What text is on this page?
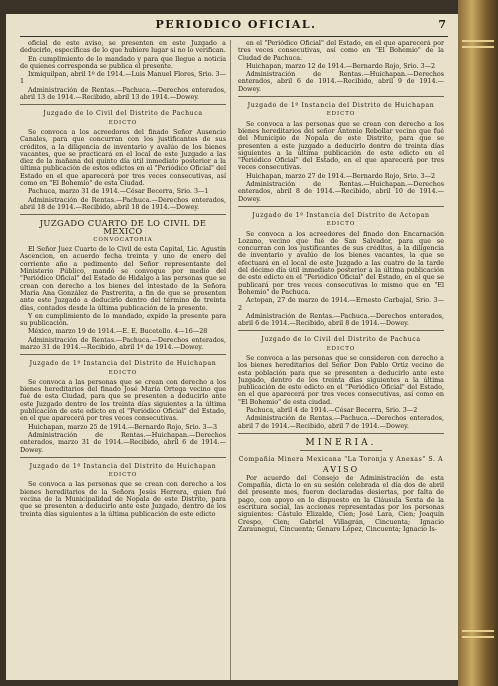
PERIODICO OFICIAL.	7

oficial de este aviso, se presenten en este Juzgado a deducirlo, específicas de lo que hubiere lugar si no lo verifican.

En cumplimiento de lo mandado y para que llegue a noticia de quienes corresponda se publica el presente.

Ixmiquilpan, abril 1º de 1914.—Luis Manuel Flores, Srio. 3—1

Administración de Rentas.—Pachuca.—Derechos enterados, abril 13 de 1914.—Recibido, abril 13 de 1914.—Dowey.

Juzgado de lo Civil del Distrito de Pachuca
EDICTO

Se convoca a los acreedores del finado Señor Ausencio Canales, para que concurran con los justificantes de sus créditos, a la diligencia de inventario y avalúo de los bienes vacantes, que se practicará en el local de este Juzgado a las diez de la mañana del quinto día útil inmediato posterior a la última publicación de estos edictos en el "Periódico Oficial" del Estado en el que aparecerá por tres veces consecutivas, así como en "El Bohemio" de esta Ciudad.

Pachuca, marzo 31 de 1914.—César Becerra, Srio. 3—1

Administración de Rentas.—Pachuca.—Derechos enterados, abril 18 de 1914.—Recibido, abril 18 de 1914.—Dowey.

JUZGADO CUARTO DE LO CIVIL DE MEXICO
CONVOCATORIA

El Señor Juez Cuarto de lo Civil de esta Capital, Lic. Agustín Ascencion, en acuerdo fecha treinta y uno de enero del corriente año a pedimento del Señor representante del Ministerio Público, mandó se convoque por medio del "Periódico Oficial" del Estado de Hidalgo a las personas que se crean con derecho a los bienes del intestado de la Señora María Ana González de Pastrerita, a fin de que se presenten ante este Juzgado a deducirlo dentro del término de treinta días, contados desde la última publicación de la presente.

Y en cumplimiento de lo mandado, expido la presente para su publicación.

México, marzo 19 de 1914.—E. E. Bucetello. 4—16—28

Administración de Rentas.—Pachuca.—Derechos enterados, marzo 31 de 1914.—Recibido, abril 1º de 1914.—Dowey.

Juzgado de 1º Instancia del Distrito de Huichapan
EDICTO

Se convoca a las personas que se crean con derecho a los bienes hereditarios del finado José María Ortega vecino que fué de esta Ciudad, para que se presenten a deducirlo ante este Juzgado dentro de los treinta días siguientes a la última publicación de este edicto en el "Periódico Oficial" del Estado, en el que aparecerá por tres veces consecutivas.

Huichapan, marzo 25 de 1914.—Bernardo Rojo, Srio. 3—3

Administración de Rentas.—Huichapan.—Derechos enterados, marzo 31 de 1914.—Recibido, abril 6 de 1914.—Dowey.

Juzgado de 1º Instancia del Distrito de Huichapan
EDICTO

Se convoca a las personas que se crean con derecho a los bienes hereditarios de la Señora Jesús Herrera, quien fué vecina de la Municipalidad de Nopala de este Distrito, para que se presenten a deducirlo ante este Juzgado, dentro de los treinta días siguientes a la última publicación de este edicto

en el "Periódico Oficial" del Estado, en el que aparecerá por tres veces consecutivas, así como en "El Bohemio" de la Ciudad de Pachuca.

Huichapan, marzo 12 de 1914.—Bernardo Rojo, Srio. 3—2

Administración de Rentas.—Huichapan.—Derechos enterados, abril 6 de 1914.—Recibido, abril 9 de 1914.—Dowey.

Juzgado de 1º Instancia del Distrito de Huichapan
EDICTO

Se convoca a las personas que se crean con derecho a los bienes hereditarios del señor Antonio Rebollar vecino que fué del Municipio de Nopala de este Distrito, para que se presenten a este juzgado a deducirlo dentro de treinta días siguientes a la última publicación de este edicto en el "Periódico Oficial" del Estado, en el que aparecerá por tres veces consecutivas.

Huichapan, marzo 27 de 1914.—Bernardo Rojo, Srio. 3—2

Administración de Rentas.—Huichapan.—Derechos enterados, abril 8 de 1914.—Recibido, abril 10 de 1914.—Dowey.

Juzgado de 1º Instancia del Distrito de Actopan
EDICTO

Se convoca a los acreedores del finado don Encarnación Lozano, vecino que fué de San Salvador, para que se concurran con los justificantes de sus créditos, a la diligencia de inventario y avalúo de los bienes vacantes, la que se efectuará en el local de este Juzgado a las cuatro de la tarde del décimo día útil inmediato posterior a la última publicación de este edicto en el "Periódico Oficial" del Estado, en el que se publicará por tres veces consecutivas lo mismo que en "El Bohemio" de Pachuca.

Actopan, 27 de marzo de 1914.—Ernesto Carbajal, Srio. 3—2

Administración de Rentas.—Pachuca.—Derechos enterados, abril 6 de 1914.—Recibido, abril 8 de 1914.—Dowey.

Juzgado de lo Civil del Distrito de Pachuca
EDICTO

Se convoca a las personas que se consideren con derecho a los bienes hereditarios del Señor Don Pablo Ortiz vecino de esta población para que se presenten a deducirlo ante este Juzgado, dentro de los treinta días siguientes a la última publicación de este edicto en el "Periódico Oficial" del Estado, en el que aparecerá por tres veces consecutivas, así como en "El Bohemio" de esta ciudad.

Pachuca, abril 4 de 1914.—César Becerra, Srio. 3—2

Administración de Rentas.—Pachuca.—Derechos enterados, abril 7 de 1914.—Recibido, abril 7 de 1914.—Dowey.

MINERIA.
Compañía Minera Mexicana "La Toronja y Anexas" S. A
AVISO

Por acuerdo del Consejo de Administración de esta Compañía, dicta lo en su sesión celebrada el día dos de abril del presente mes, fueron declaradas desiertas, por falta de pago, con apoyo en lo dispuesto en la Cláusula Sexta de la escritura social, las acciones representadas por los personas siguientes: Cástulo Elizalde, Cien; José Lara, Cien; Joaquín Crespo, Cien; Gabriel Villagrán, Cincuenta; Ignacio Zaraunegui, Cincuenta; Genaro López, Cincuenta; Ignacio Is-
